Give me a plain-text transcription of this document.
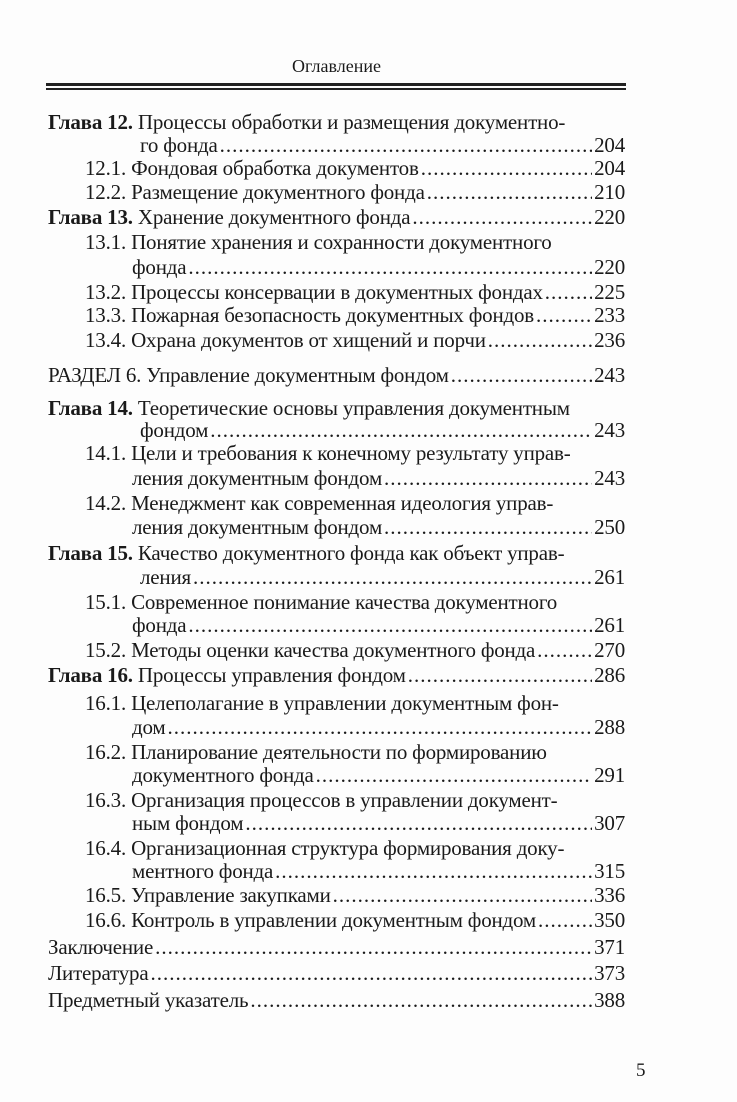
Оглавление
Глава 12. Процессы обработки и размещения документно-
го фонда .....	204
12.1. Фондовая обработка документов .....	204
12.2. Размещение документного фонда .....	210
Глава 13. Хранение документного фонда .....	220
13.1. Понятие хранения и сохранности документного
фонда .....	220
13.2. Процессы консервации в документных фондах ..... 225
13.3. Пожарная безопасность документных фондов .....	233
13.4. Охрана документов от хищений и порчи .....	236
РАЗДЕЛ 6. Управление документным фондом .....	243
Глава 14. Теоретические основы управления документным
фондом .....	243
14.1. Цели и требования к конечному результату управ-
ления документным фондом .....	243
14.2. Менеджмент как современная идеология управ-
ления документным фондом .....	250
Глава 15. Качество документного фонда как объект управ-
ления .....	261
15.1. Современное понимание качества документного
фонда .....	261
15.2. Методы оценки качества документного фонда .....	270
Глава 16. Процессы управления фондом .....	286
16.1. Целеполагание в управлении документным фон-
дом .....	288
16.2. Планирование деятельности по формированию
документного фонда .....	291
16.3. Организация процессов в управлении документ-
ным фондом .....	307
16.4. Организационная структура формирования доку-
ментного фонда .....	315
16.5. Управление закупками .....	336
16.6. Контроль в управлении документным фондом .....	350
Заключение .....	371
Литература .....	373
Предметный указатель .....	388
5
